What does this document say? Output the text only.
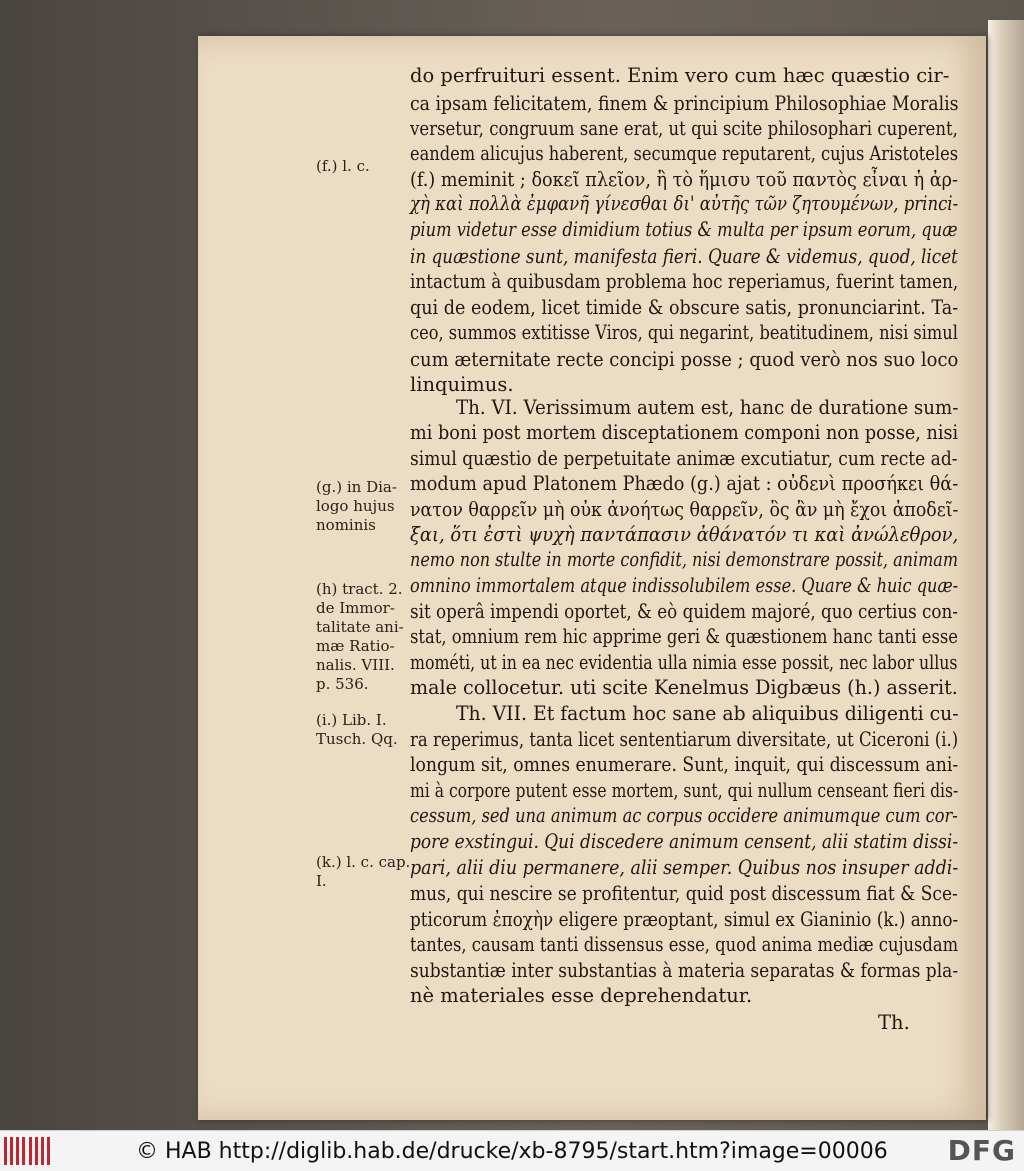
do perfruituri essent. Enim vero cum hæc quæstio cir-
ca ipsam felicitatem, finem & principium Philosophiae Moralis
versetur, congruum sane erat, ut qui scite philosophari cuperent,
eandem alicujus haberent, secumque reputarent, cujus Aristoteles
(f.) meminit ; δοκεῖ πλεῖον, ἢ τὸ ἥμισυ τοῦ παντὸς εἶναι ἡ ἀρ-
χὴ καὶ πολλὰ ἐμφανῆ γίνεσθαι δι' αὐτῆς τῶν ζητουμένων, princi-
pium videtur esse dimidium totius & multa per ipsum eorum, quæ
in quæstione sunt, manifesta fieri. Quare & videmus, quod, licet
intactum à quibusdam problema hoc reperiamus, fuerint tamen,
qui de eodem, licet timide & obscure satis, pronunciarint. Ta-
ceo, summos extitisse Viros, qui negarint, beatitudinem, nisi simul
cum æternitate recte concipi posse ; quod verò nos suo loco
linquimus.
Th. VI. Verissimum autem est, hanc de duratione sum-
mi boni post mortem disceptationem componi non posse, nisi
simul quæstio de perpetuitate animæ excutiatur, cum recte ad-
modum apud Platonem Phædo (g.) ajat : οὐδενὶ προσήκει θά-
νατον θαρρεῖν μὴ οὐκ ἀνοήτως θαρρεῖν, ὃς ἂν μὴ ἔχοι ἀποδεῖ-
ξαι, ὅτι ἐστὶ ψυχὴ παντάπασιν ἀθάνατόν τι καὶ ἀνώλεθρον,
nemo non stulte in morte confidit, nisi demonstrare possit, animam
omnino immortalem atque indissolubilem esse. Quare & huic quæ-
sit operâ impendi oportet, & eò quidem majoré, quo certius con-
stat, omnium rem hic apprime geri & quæstionem hanc tanti esse
mométi, ut in ea nec evidentia ulla nimia esse possit, nec labor ullus
male collocetur. uti scite Kenelmus Digbæus (h.) asserit.
Th. VII. Et factum hoc sane ab aliquibus diligenti cu-
ra reperimus, tanta licet sententiarum diversitate, ut Ciceroni (i.)
longum sit, omnes enumerare. Sunt, inquit, qui discessum ani-
mi à corpore putent esse mortem, sunt, qui nullum censeant fieri dis-
cessum, sed una animum ac corpus occidere animumque cum cor-
pore exstingui. Qui discedere animum censent, alii statim dissi-
pari, alii diu permanere, alii semper. Quibus nos insuper addi-
mus, qui nescire se profitentur, quid post discessum fiat & Sce-
pticorum ἐποχὴν eligere præoptant, simul ex Gianinio (k.) anno-
tantes, causam tanti dissensus esse, quod anima mediæ cujusdam
substantiæ inter substantias à materia separatas & formas pla-
nè materiales esse deprehendatur.
Th.
(f.) l. c.
(g.) in Dia-
logo hujus
nominis
(h) tract. 2.
de Immor-
talitate ani-
mæ Ratio-
nalis. VIII.
p. 536.
(i.) Lib. I.
Tusch. Qq.
(k.) l. c. cap.
I.
© HAB http://diglib.hab.de/drucke/xb-8795/start.htm?image=00006 DFG
